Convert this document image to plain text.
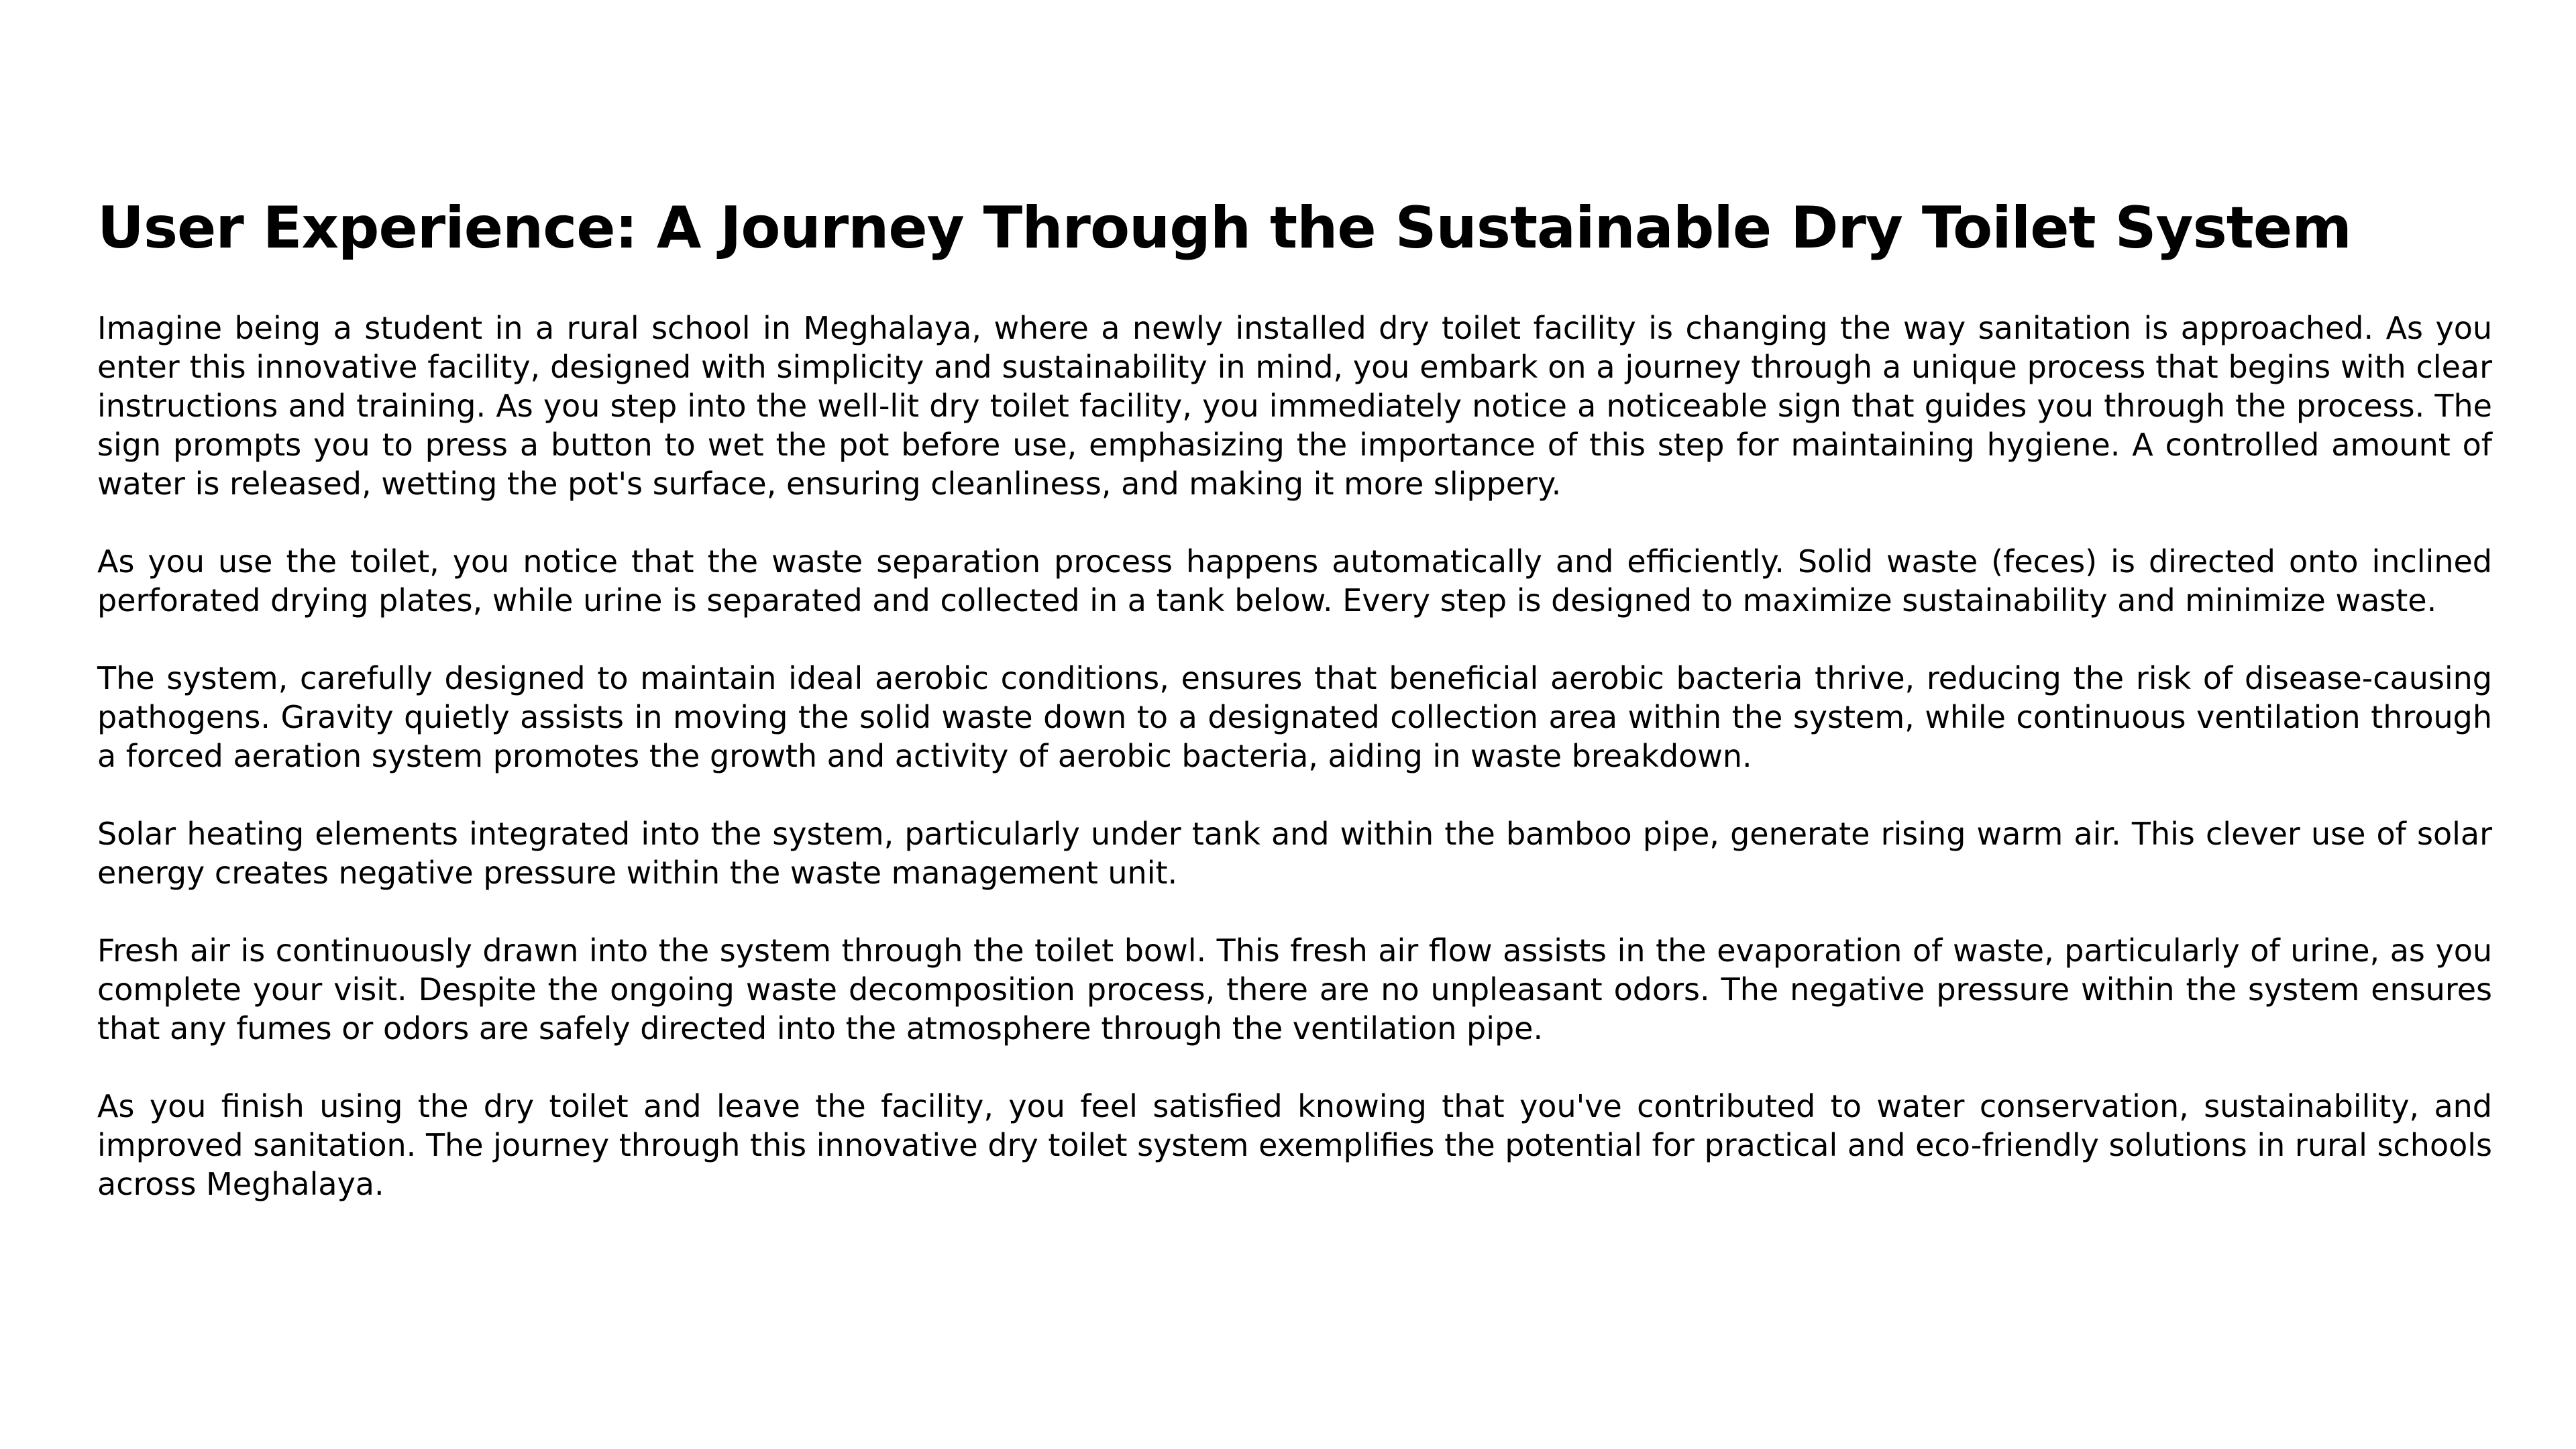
User Experience: A Journey Through the Sustainable Dry Toilet System

Imagine being a student in a rural school in Meghalaya, where a newly installed dry toilet facility is changing the way sanitation is approached. As you enter this innovative facility, designed with simplicity and sustainability in mind, you embark on a journey through a unique process that begins with clear instructions and training. As you step into the well-lit dry toilet facility, you immediately notice a noticeable sign that guides you through the process. The sign prompts you to press a button to wet the pot before use, emphasizing the importance of this step for maintaining hygiene. A controlled amount of water is released, wetting the pot's surface, ensuring cleanliness, and making it more slippery.

As you use the toilet, you notice that the waste separation process happens automatically and efficiently. Solid waste (feces) is directed onto inclined perforated drying plates, while urine is separated and collected in a tank below. Every step is designed to maximize sustainability and minimize waste.

The system, carefully designed to maintain ideal aerobic conditions, ensures that beneficial aerobic bacteria thrive, reducing the risk of disease-causing pathogens. Gravity quietly assists in moving the solid waste down to a designated collection area within the system, while continuous ventilation through a forced aeration system promotes the growth and activity of aerobic bacteria, aiding in waste breakdown.

Solar heating elements integrated into the system, particularly under tank and within the bamboo pipe, generate rising warm air. This clever use of solar energy creates negative pressure within the waste management unit.

Fresh air is continuously drawn into the system through the toilet bowl. This fresh air flow assists in the evaporation of waste, particularly of urine, as you complete your visit. Despite the ongoing waste decomposition process, there are no unpleasant odors. The negative pressure within the system ensures that any fumes or odors are safely directed into the atmosphere through the ventilation pipe.

As you finish using the dry toilet and leave the facility, you feel satisfied knowing that you've contributed to water conservation, sustainability, and improved sanitation. The journey through this innovative dry toilet system exemplifies the potential for practical and eco-friendly solutions in rural schools across Meghalaya.
